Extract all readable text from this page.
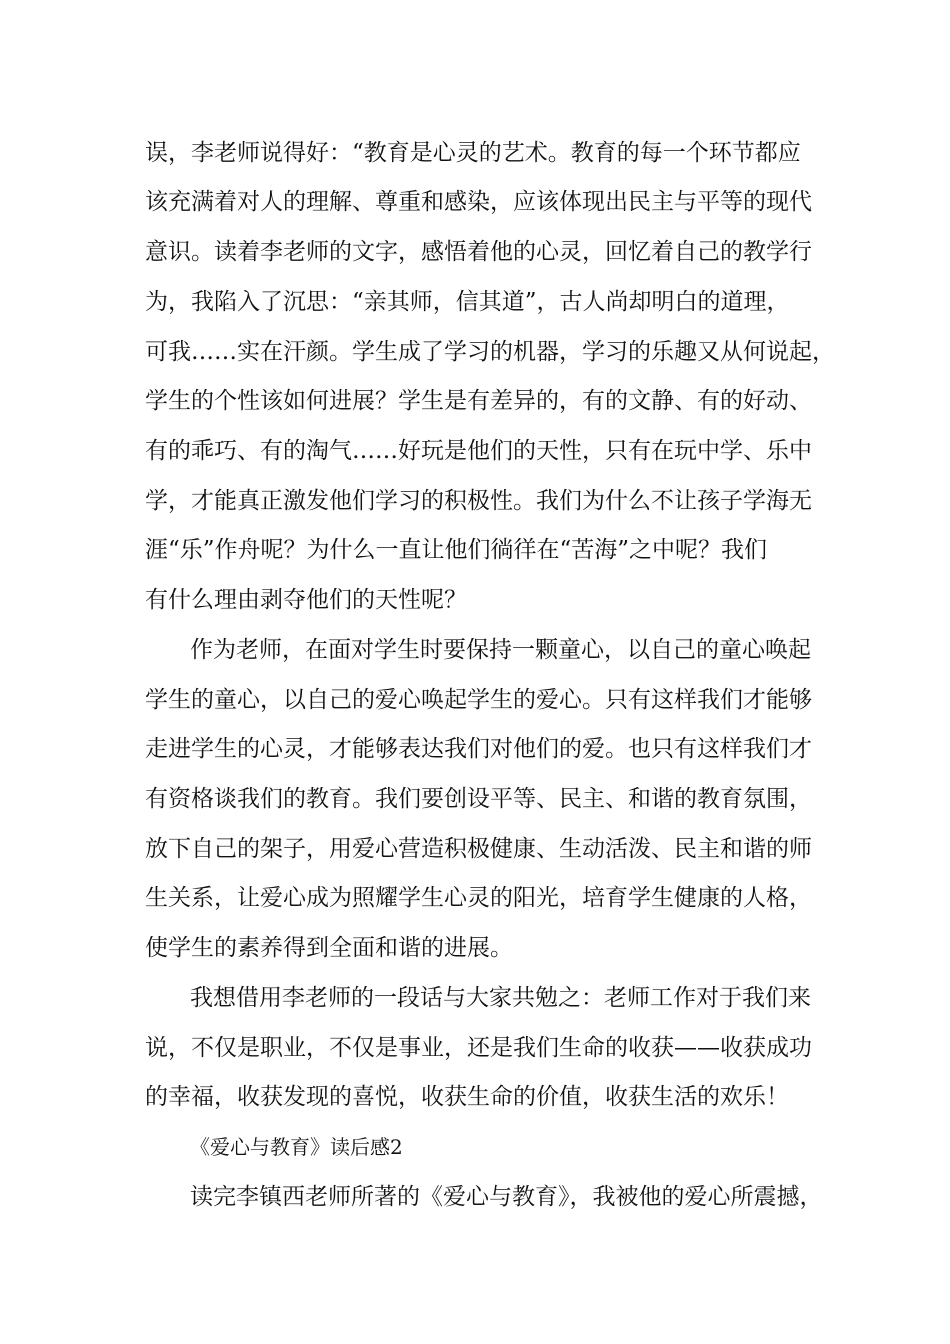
误，李老师说得好：“教育是心灵的艺术。教育的每一个环节都应
该充满着对人的理解、尊重和感染，应该体现出民主与平等的现代
意识。读着李老师的文字，感悟着他的心灵，回忆着自己的教学行
为，我陷入了沉思：“亲其师，信其道”，古人尚却明白的道理，
可我……实在汗颜。学生成了学习的机器，学习的乐趣又从何说起，
学生的个性该如何进展？学生是有差异的，有的文静、有的好动、
有的乖巧、有的淘气……好玩是他们的天性，只有在玩中学、乐中
学，才能真正激发他们学习的积极性。我们为什么不让孩子学海无
涯“乐”作舟呢？为什么一直让他们徜徉在“苦海”之中呢？我们
有什么理由剥夺他们的天性呢？
作为老师，在面对学生时要保持一颗童心，以自己的童心唤起
学生的童心，以自己的爱心唤起学生的爱心。只有这样我们才能够
走进学生的心灵，才能够表达我们对他们的爱。也只有这样我们才
有资格谈我们的教育。我们要创设平等、民主、和谐的教育氛围，
放下自己的架子，用爱心营造积极健康、生动活泼、民主和谐的师
生关系，让爱心成为照耀学生心灵的阳光，培育学生健康的人格，
使学生的素养得到全面和谐的进展。
我想借用李老师的一段话与大家共勉之：老师工作对于我们来
说，不仅是职业，不仅是事业，还是我们生命的收获——收获成功
的幸福，收获发现的喜悦，收获生命的价值，收获生活的欢乐！
《爱心与教育》读后感2
读完李镇西老师所著的《爱心与教育》，我被他的爱心所震撼，
